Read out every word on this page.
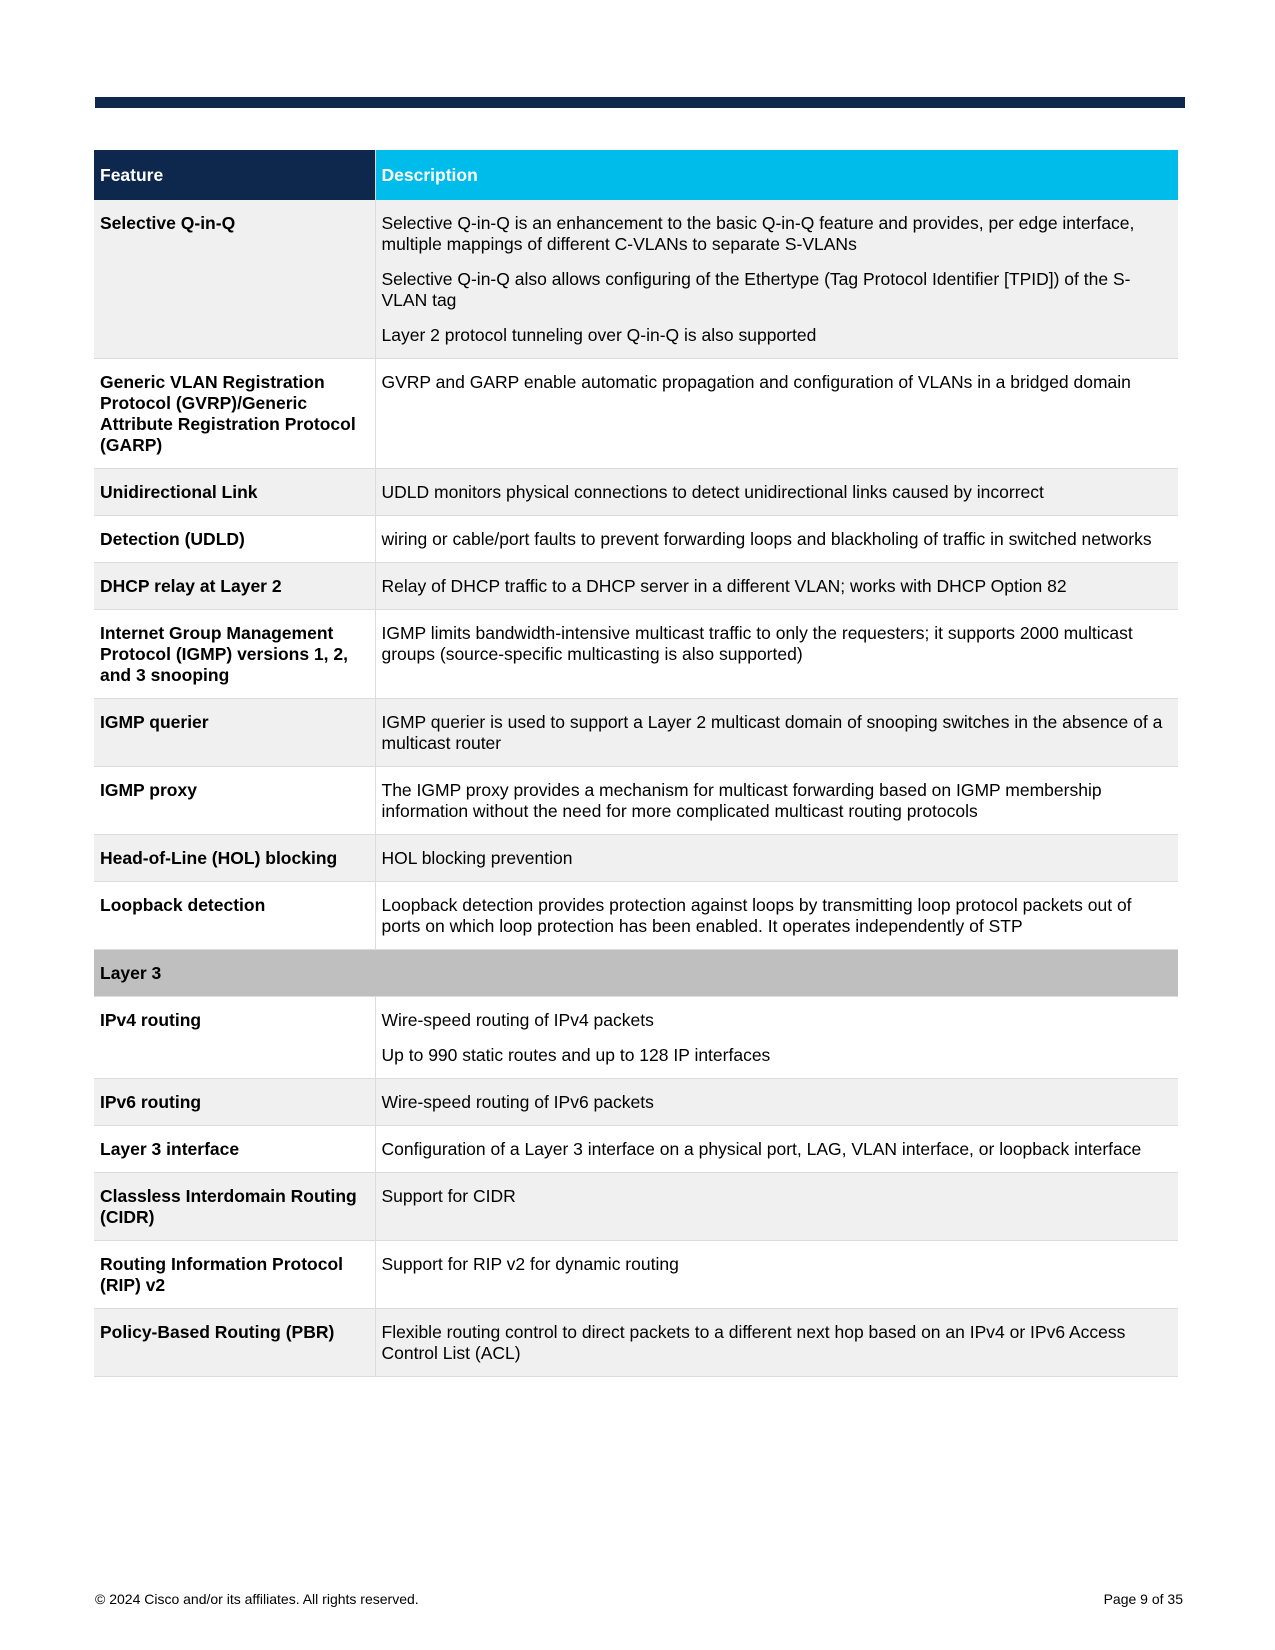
Feature	Description
Selective Q-in-Q	Selective Q-in-Q is an enhancement to the basic Q-in-Q feature and provides, per edge interface, multiple mappings of different C-VLANs to separate S-VLANs

Selective Q-in-Q also allows configuring of the Ethertype (Tag Protocol Identifier [TPID]) of the S-VLAN tag

Layer 2 protocol tunneling over Q-in-Q is also supported

Generic VLAN Registration Protocol (GVRP)/Generic Attribute Registration Protocol (GARP)	GVRP and GARP enable automatic propagation and configuration of VLANs in a bridged domain

Unidirectional Link	UDLD monitors physical connections to detect unidirectional links caused by incorrect

Detection (UDLD)	wiring or cable/port faults to prevent forwarding loops and blackholing of traffic in switched networks

DHCP relay at Layer 2	Relay of DHCP traffic to a DHCP server in a different VLAN; works with DHCP Option 82

Internet Group Management Protocol (IGMP) versions 1, 2, and 3 snooping	IGMP limits bandwidth-intensive multicast traffic to only the requesters; it supports 2000 multicast groups (source-specific multicasting is also supported)

IGMP querier	IGMP querier is used to support a Layer 2 multicast domain of snooping switches in the absence of a multicast router

IGMP proxy	The IGMP proxy provides a mechanism for multicast forwarding based on IGMP membership information without the need for more complicated multicast routing protocols

Head-of-Line (HOL) blocking	HOL blocking prevention

Loopback detection	Loopback detection provides protection against loops by transmitting loop protocol packets out of ports on which loop protection has been enabled. It operates independently of STP

Layer 3	
IPv4 routing	Wire-speed routing of IPv4 packets

Up to 990 static routes and up to 128 IP interfaces

IPv6 routing	Wire-speed routing of IPv6 packets

Layer 3 interface	Configuration of a Layer 3 interface on a physical port, LAG, VLAN interface, or loopback interface

Classless Interdomain Routing (CIDR)	Support for CIDR

Routing Information Protocol (RIP) v2	Support for RIP v2 for dynamic routing

Policy-Based Routing (PBR)	Flexible routing control to direct packets to a different next hop based on an IPv4 or IPv6 Access Control List (ACL)

© 2024 Cisco and/or its affiliates. All rights reserved.	Page 9 of 35
